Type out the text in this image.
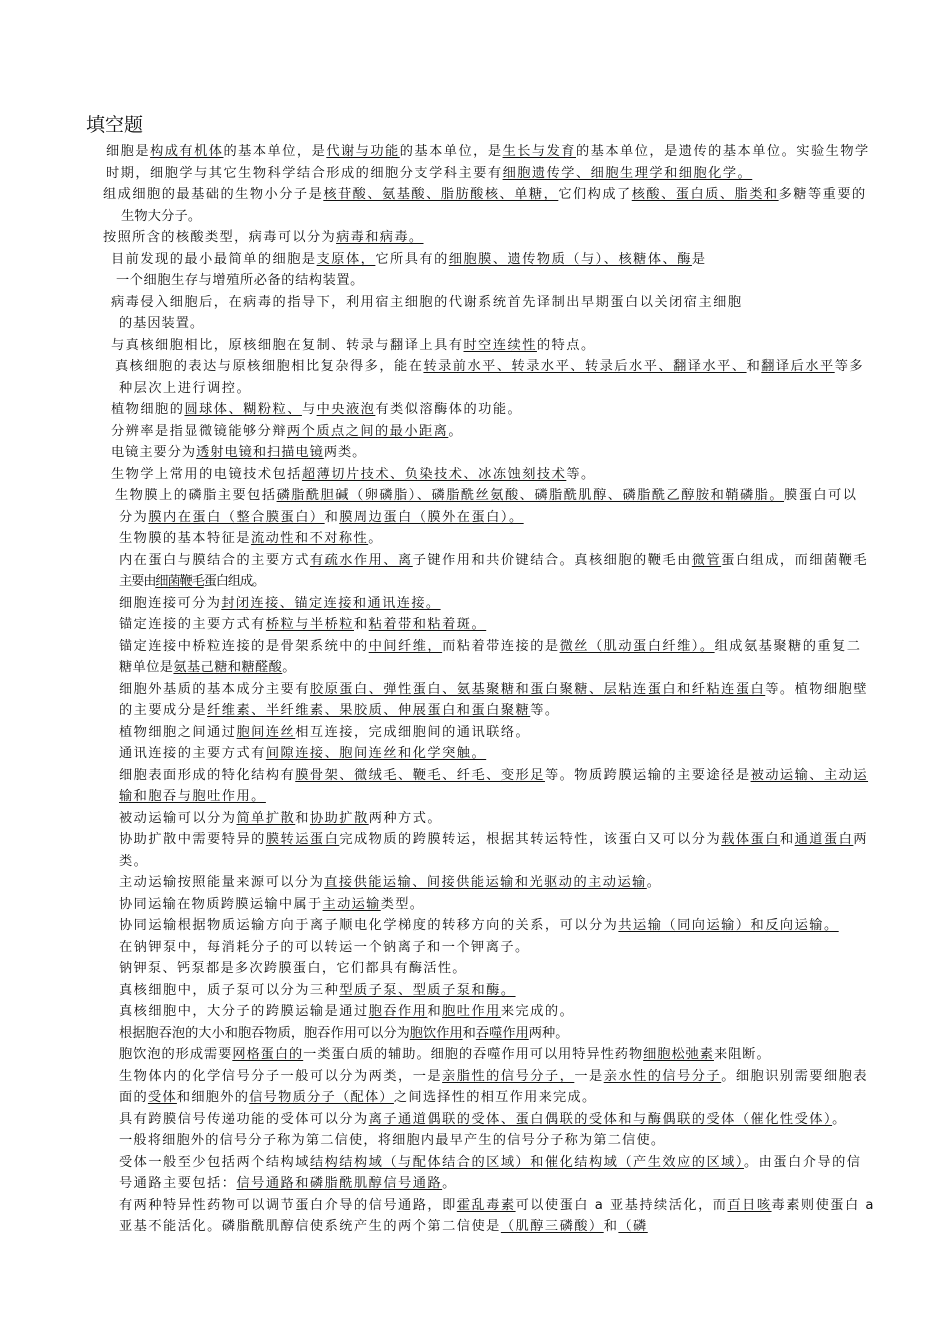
填空题
细胞是构成有机体的基本单位，是代谢与功能的基本单位，是生长与发育的基本单位，是遗传的基本单位。实验生物学
时期，细胞学与其它生物科学结合形成的细胞分支学科主要有细胞遗传学、细胞生理学和细胞化学。
组成细胞的最基础的生物小分子是核苷酸、氨基酸、脂肪酸核、单糖，它们构成了核酸、蛋白质、脂类和多糖等重要的
生物大分子。
按照所含的核酸类型，病毒可以分为病毒和病毒。
目前发现的最小最简单的细胞是支原体，它所具有的细胞膜、遗传物质（与）、核糖体、酶是
一个细胞生存与增殖所必备的结构装置。
病毒侵入细胞后，在病毒的指导下，利用宿主细胞的代谢系统首先译制出早期蛋白以关闭宿主细胞
的基因装置。
与真核细胞相比，原核细胞在复制、转录与翻译上具有时空连续性的特点。
真核细胞的表达与原核细胞相比复杂得多，能在转录前水平、转录水平、转录后水平、翻译水平、和翻译后水平等多
种层次上进行调控。
植物细胞的圆球体、糊粉粒、与中央液泡有类似溶酶体的功能。
分辨率是指显微镜能够分辩两个质点之间的最小距离。
电镜主要分为透射电镜和扫描电镜两类。
生物学上常用的电镜技术包括超薄切片技术、负染技术、冰冻蚀刻技术等。
生物膜上的磷脂主要包括磷脂酰胆碱（卵磷脂）、磷脂酰丝氨酸、磷脂酰肌醇、磷脂酰乙醇胺和鞘磷脂。膜蛋白可以
分为膜内在蛋白（整合膜蛋白）和膜周边蛋白（膜外在蛋白）。
生物膜的基本特征是流动性和不对称性。
内在蛋白与膜结合的主要方式有疏水作用、离子键作用和共价键结合。真核细胞的鞭毛由微管蛋白组成，而细菌鞭毛
主要由细菌鞭毛蛋白组成。
细胞连接可分为封闭连接、锚定连接和通讯连接。
锚定连接的主要方式有桥粒与半桥粒和粘着带和粘着斑。
锚定连接中桥粒连接的是骨架系统中的中间纤维，而粘着带连接的是微丝（肌动蛋白纤维）。组成氨基聚糖的重复二
糖单位是氨基己糖和糖醛酸。
细胞外基质的基本成分主要有胶原蛋白、弹性蛋白、氨基聚糖和蛋白聚糖、层粘连蛋白和纤粘连蛋白等。植物细胞壁
的主要成分是纤维素、半纤维素、果胶质、伸展蛋白和蛋白聚糖等。
植物细胞之间通过胞间连丝相互连接，完成细胞间的通讯联络。
通讯连接的主要方式有间隙连接、胞间连丝和化学突触。
细胞表面形成的特化结构有膜骨架、微绒毛、鞭毛、纤毛、变形足等。物质跨膜运输的主要途径是被动运输、主动运
输和胞吞与胞吐作用。
被动运输可以分为简单扩散和协助扩散两种方式。
协助扩散中需要特异的膜转运蛋白完成物质的跨膜转运，根据其转运特性，该蛋白又可以分为载体蛋白和通道蛋白两
类。
主动运输按照能量来源可以分为直接供能运输、间接供能运输和光驱动的主动运输。
协同运输在物质跨膜运输中属于主动运输类型。
协同运输根据物质运输方向于离子顺电化学梯度的转移方向的关系，可以分为共运输（同向运输）和反向运输。
在钠钾泵中，每消耗分子的可以转运一个钠离子和一个钾离子。
钠钾泵、钙泵都是多次跨膜蛋白，它们都具有酶活性。
真核细胞中，质子泵可以分为三种型质子泵、型质子泵和酶。
真核细胞中，大分子的跨膜运输是通过胞吞作用和胞吐作用来完成的。
根据胞吞泡的大小和胞吞物质，胞吞作用可以分为胞饮作用和吞噬作用两种。
胞饮泡的形成需要网格蛋白的一类蛋白质的辅助。细胞的吞噬作用可以用特异性药物细胞松弛素来阻断。
生物体内的化学信号分子一般可以分为两类，一是亲脂性的信号分子，一是亲水性的信号分子。细胞识别需要细胞表
面的受体和细胞外的信号物质分子（配体）之间选择性的相互作用来完成。
具有跨膜信号传递功能的受体可以分为离子通道偶联的受体、蛋白偶联的受体和与酶偶联的受体（催化性受体）。
一般将细胞外的信号分子称为第二信使，将细胞内最早产生的信号分子称为第二信使。
受体一般至少包括两个结构域结构结构域（与配体结合的区域）和催化结构域（产生效应的区域）。由蛋白介导的信
号通路主要包括：信号通路和磷脂酰肌醇信号通路。
有两种特异性药物可以调节蛋白介导的信号通路，即霍乱毒素可以使蛋白 a 亚基持续活化，而百日咳毒素则使蛋白 a
亚基不能活化。磷脂酰肌醇信使系统产生的两个第二信使是（肌醇三磷酸）和（磷
